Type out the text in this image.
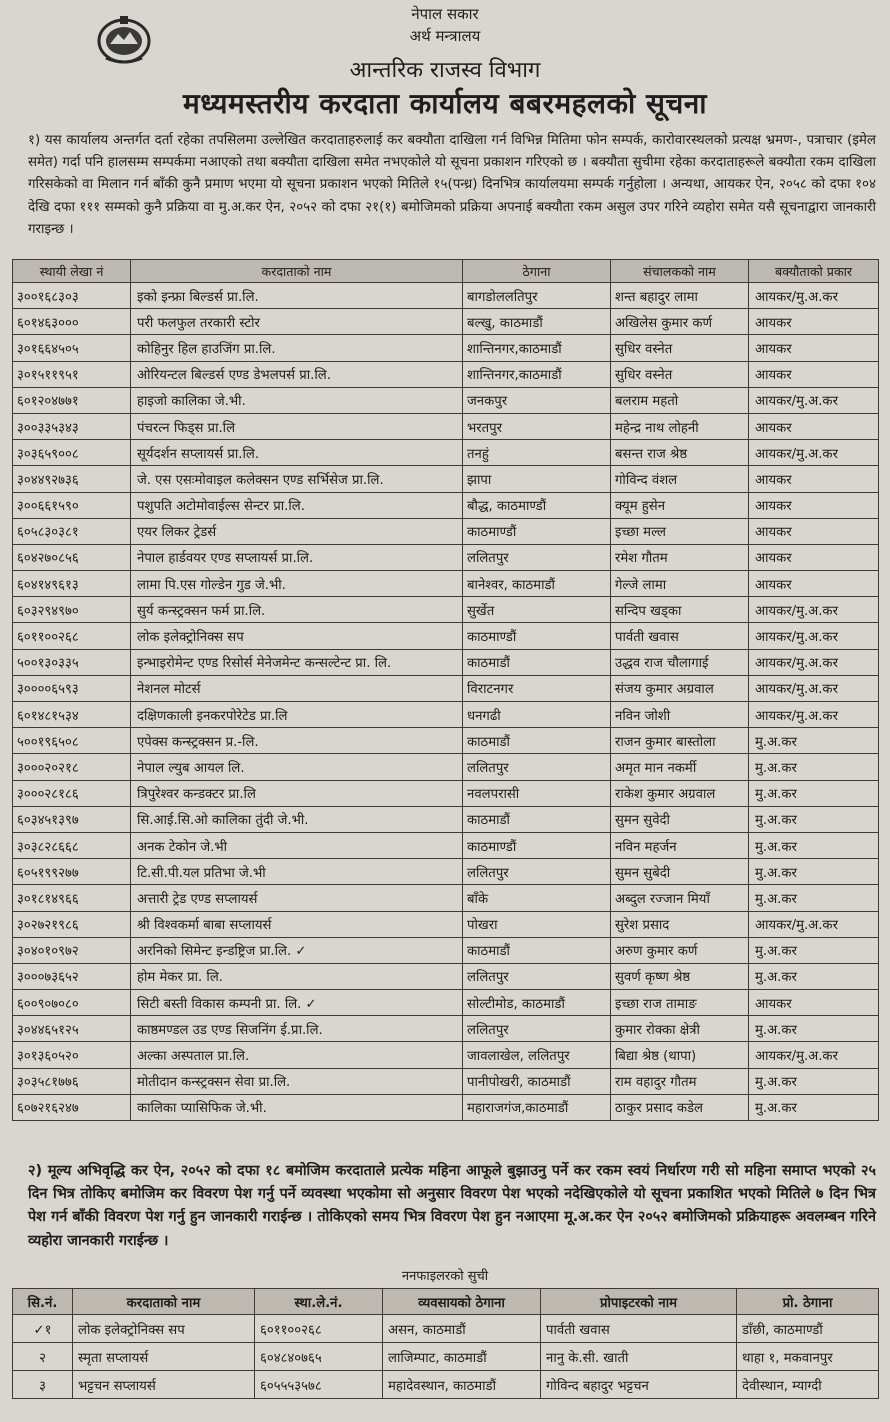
नेपाल सकार
अर्थ मन्त्रालय
आन्तरिक राजस्व विभाग
मध्यमस्तरीय करदाता कार्यालय बबरमहलको सूचना
१) यस कार्यालय अन्तर्गत दर्ता रहेका तपसिलमा उल्लेखित करदाताहरुलाई कर बक्यौता दाखिला गर्न विभिन्न मितिमा फोन सम्पर्क, कारोवारस्थलको प्रत्यक्ष भ्रमण-, पत्राचार (इमेल समेत) गर्दा पनि हालसम्म सम्पर्कमा नआएको तथा बक्यौता दाखिला समेत नभएकोले यो सूचना प्रकाशन गरिएको छ । बक्यौता सुचीमा रहेका करदाताहरूले बक्यौता रकम दाखिला गरिसकेको वा मिलान गर्न बाँकी कुनै प्रमाण भएमा यो सूचना प्रकाशन भएको मितिले १५(पन्ध्र) दिनभित्र कार्यालयमा सम्पर्क गर्नुहोला । अन्यथा, आयकर ऐन, २०५८ को दफा १०४ देखि दफा १११ सम्मको कुनै प्रक्रिया वा मु.अ.कर ऐन, २०५२ को दफा २१(१) बमोजिमको प्रक्रिया अपनाई बक्यौता रकम असुल उपर गरिने व्यहोरा समेत यसै सूचनाद्वारा जानकारी गराइन्छ ।
स्थायी लेखा नं	करदाताको नाम	ठेगाना	संचालकको नाम	बक्यौताको प्रकार
३००१६८३०३	इको इन्फ्रा बिल्डर्स प्रा.लि.	बागडोललतिपुर	शन्त बहादुर लामा	आयकर/मु.अ.कर
६०१४६३०००	परी फलफुल तरकारी स्टोर	बल्खु, काठमाडौं	अखिलेस कुमार कर्ण	आयकर
३०१६६४५०५	कोहिनुर हिल हाउजिंग प्रा.लि.	शान्तिनगर,काठमाडौं	सुधिर वस्नेत	आयकर
३०१५११९५१	ओरियन्टल बिल्डर्स एण्ड डेभलपर्स प्रा.लि.	शान्तिनगर,काठमाडौं	सुधिर वस्नेत	आयकर
६०१२०४७७१	हाइजो कालिका जे.भी.	जनकपुर	बलराम महतो	आयकर/मु.अ.कर
३००३३५३४३	पंचरत्न फिड्स प्रा.लि	भरतपुर	महेन्द्र नाथ लोहनी	आयकर
३०३६५९००८	सूर्यदर्शन सप्लायर्स प्रा.लि.	तनहुं	बसन्त राज श्रेष्ठ	आयकर/मु.अ.कर
३०४४९२७३६	जे. एस एसःमोवाइल कलेक्सन एण्ड सर्भिसेज प्रा.लि.	झापा	गोविन्द वंशल	आयकर
३००६६१५९०	पशुपति अटोमोवाईल्स सेन्टर प्रा.लि.	बौद्ध, काठमाण्डौं	क्यूम हुसेन	आयकर
६०५८३०३८१	एयर लिकर ट्रेडर्स	काठमाण्डौं	इच्छा मल्ल	आयकर
६०४२७०८५६	नेपाल हार्डवयर एण्ड सप्लायर्स प्रा.लि.	ललितपुर	रमेश गौतम	आयकर
६०४१४९६१३	लामा पि.एस गोल्डेन गुड जे.भी.	बानेश्वर, काठमाडौं	गेल्जे लामा	आयकर
६०३२९४९७०	सुर्य कन्स्ट्रक्सन फर्म प्रा.लि.	सुर्खेत	सन्दिप खड्का	आयकर/मु.अ.कर
६०११००२६८	लोक इलेक्ट्रोनिक्स सप	काठमाण्डौं	पार्वती खवास	आयकर/मु.अ.कर
५००१३०३३५	इन्भाइरोमेन्ट एण्ड रिसोर्स मेनेजमेन्ट कन्सल्टेन्ट प्रा. लि.	काठमाडौं	उद्धव राज चौलागाई	आयकर/मु.अ.कर
३००००६५९३	नेशनल मोटर्स	विराटनगर	संजय कुमार अग्रवाल	आयकर/मु.अ.कर
६०१४८१५३४	दक्षिणकाली इनकरपोरेटेड प्रा.लि	धनगढी	नविन जोशी	आयकर/मु.अ.कर
५००१९६५०८	एपेक्स कन्स्ट्रक्सन प्र.-लि.	काठमाडौं	राजन कुमार बास्तोला	मु.अ.कर
३०००२०२१८	नेपाल ल्युब आयल लि.	ललितपुर	अमृत मान नकर्मी	मु.अ.कर
३०००२८१८६	त्रिपुरेश्वर कन्डक्टर प्रा.लि	नवलपरासी	राकेश कुमार अग्रवाल	मु.अ.कर
६०३४५१३९७	सि.आई.सि.ओ कालिका तुंदी जे.भी.	काठमाडौं	सुमन सुवेदी	मु.अ.कर
३०३८२८६६८	अनक टेकोन जे.भी	काठमाण्डौं	नविन महर्जन	मु.अ.कर
६०५१९९२७७	टि.सी.पी.यल प्रतिभा जे.भी	ललितपुर	सुमन सुबेदी	मु.अ.कर
३०१८१४९६६	अत्तारी ट्रेड एण्ड सप्लायर्स	बाँके	अब्दुल रज्जान मियाँ	मु.अ.कर
३०२७२१९८६	श्री विश्वकर्मा बाबा सप्लायर्स	पोखरा	सुरेश प्रसाद	आयकर/मु.अ.कर
३०४०१०९७२	अरनिको सिमेन्ट इन्डष्ट्रिज प्रा.लि. ✓	काठमाडौं	अरुण कुमार कर्ण	मु.अ.कर
३०००७३६५२	होम मेकर प्रा. लि.	ललितपुर	सुवर्ण कृष्ण श्रेष्ठ	मु.अ.कर
६००९०७०८०	सिटी बस्ती विकास कम्पनी प्रा. लि. ✓	सोल्टीमोड, काठमाडौं	इच्छा राज तामाङ	आयकर
३०४४६५१२५	काष्ठमण्डल उड एण्ड सिजनिंग ई.प्रा.लि.	ललितपुर	कुमार रोक्का क्षेत्री	मु.अ.कर
३०१३६०५२०	अल्का अस्पताल प्रा.लि.	जावलाखेल, ललितपुर	बिद्या श्रेष्ठ (थापा)	आयकर/मु.अ.कर
३०३५८१७७६	मोतीदान कन्स्ट्रक्सन सेवा प्रा.लि.	पानीपोखरी, काठमाडौं	राम वहादुर गौतम	मु.अ.कर
६०७२१६२४७	कालिका प्यासिफिक जे.भी.	महाराजगंज,काठमाडौं	ठाकुर प्रसाद कडेल	मु.अ.कर
२) मूल्य अभिवृद्धि कर ऐन, २०५२ को दफा १८ बमोजिम करदाताले प्रत्येक महिना आफूले बुझाउनु पर्ने कर रकम स्वयं निर्धारण गरी सो महिना समाप्त भएको २५ दिन भित्र तोकिए बमोजिम कर विवरण पेश गर्नु पर्ने व्यवस्था भएकोमा सो अनुसार विवरण पेश भएको नदेखिएकोले यो सूचना प्रकाशित भएको मितिले ७ दिन भित्र पेश गर्न बाँकी विवरण पेश गर्नु हुन जानकारी गराईन्छ । तोकिएको समय भित्र विवरण पेश हुन नआएमा मू.अ.कर ऐन २०५२ बमोजिमको प्रक्रियाहरू अवलम्बन गरिने व्यहोरा जानकारी गराईन्छ ।
ननफाइलरको सुची
सि.नं.	करदाताको नाम	स्था.ले.नं.	व्यवसायको ठेगाना	प्रोपाइटरको नाम	प्रो. ठेगाना
✓१	लोक इलेक्ट्रोनिक्स सप	६०११००२६८	असन, काठमाडौं	पार्वती खवास	डाँछी, काठमाण्डौं
२	स्मृता सप्लायर्स	६०४८४०७६५	लाजिम्पाट, काठमाडौं	नानु के.सी. खाती	थाहा १, मकवानपुर
३	भट्टचन सप्लायर्स	६०५५५३५७८	महादेवस्थान, काठमाडौं	गोविन्द बहादुर भट्टचन	देवीस्थान, म्याग्दी
